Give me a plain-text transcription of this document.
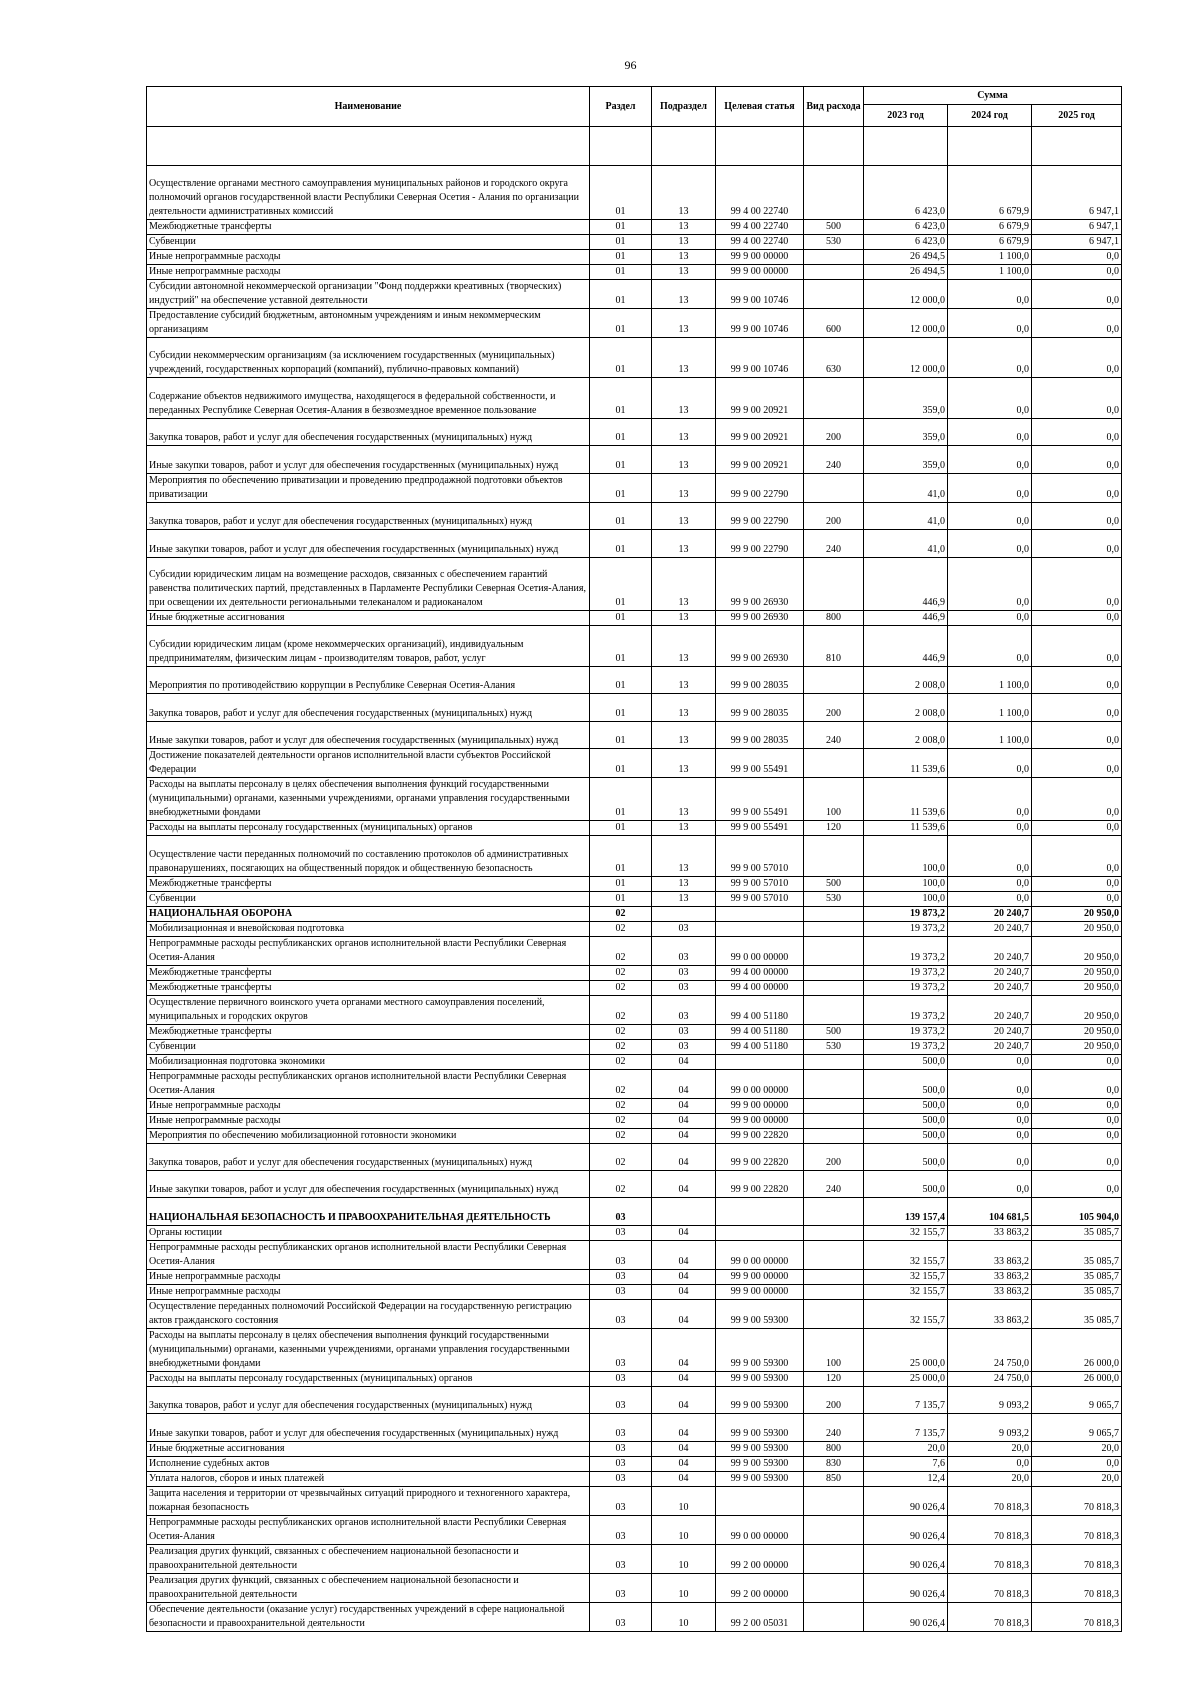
96
Наименование	Раздел	Подраздел	Целевая статья	Вид расхода	Сумма		
					2023 год	2024 год	2025 год

Осуществление органами местного самоуправления муниципальных районов и городского округа полномочий органов государственной власти Республики Северная Осетия - Алания по организации деятельности административных комиссий	01	13	99 4 00 22740		6 423,0	6 679,9	6 947,1
Межбюджетные трансферты	01	13	99 4 00 22740	500	6 423,0	6 679,9	6 947,1
Субвенции	01	13	99 4 00 22740	530	6 423,0	6 679,9	6 947,1
Иные непрограммные расходы	01	13	99 9 00 00000		26 494,5	1 100,0	0,0
Иные непрограммные расходы	01	13	99 9 00 00000		26 494,5	1 100,0	0,0
Субсидии автономной некоммерческой организации "Фонд поддержки креативных (творческих) индустрий" на обеспечение уставной деятельности	01	13	99 9 00 10746		12 000,0	0,0	0,0
Предоставление субсидий бюджетным, автономным учреждениям и иным некоммерческим организациям	01	13	99 9 00 10746	600	12 000,0	0,0	0,0
Субсидии некоммерческим организациям (за исключением государственных (муниципальных) учреждений, государственных корпораций (компаний), публично-правовых компаний)	01	13	99 9 00 10746	630	12 000,0	0,0	0,0
Содержание объектов недвижимого имущества, находящегося в федеральной собственности, и переданных Республике Северная Осетия-Алания в безвозмездное временное пользование	01	13	99 9 00 20921		359,0	0,0	0,0
Закупка товаров, работ и услуг для обеспечения государственных (муниципальных) нужд	01	13	99 9 00 20921	200	359,0	0,0	0,0
Иные закупки товаров, работ и услуг для обеспечения государственных (муниципальных) нужд	01	13	99 9 00 20921	240	359,0	0,0	0,0
Мероприятия по обеспечению приватизации и проведению предпродажной подготовки объектов приватизации	01	13	99 9 00 22790		41,0	0,0	0,0
Закупка товаров, работ и услуг для обеспечения государственных (муниципальных) нужд	01	13	99 9 00 22790	200	41,0	0,0	0,0
Иные закупки товаров, работ и услуг для обеспечения государственных (муниципальных) нужд	01	13	99 9 00 22790	240	41,0	0,0	0,0
Субсидии юридическим лицам на возмещение расходов, связанных с обеспечением гарантий равенства политических партий, представленных в Парламенте Республики Северная Осетия-Алания, при освещении их деятельности региональными телеканалом и радиоканалом	01	13	99 9 00 26930		446,9	0,0	0,0
Иные бюджетные ассигнования	01	13	99 9 00 26930	800	446,9	0,0	0,0
Субсидии юридическим лицам (кроме некоммерческих организаций), индивидуальным предпринимателям, физическим лицам - производителям товаров, работ, услуг	01	13	99 9 00 26930	810	446,9	0,0	0,0
Мероприятия по противодействию коррупции в Республике Северная Осетия-Алания	01	13	99 9 00 28035		2 008,0	1 100,0	0,0
Закупка товаров, работ и услуг для обеспечения государственных (муниципальных) нужд	01	13	99 9 00 28035	200	2 008,0	1 100,0	0,0
Иные закупки товаров, работ и услуг для обеспечения государственных (муниципальных) нужд	01	13	99 9 00 28035	240	2 008,0	1 100,0	0,0
Достижение показателей деятельности органов исполнительной власти субъектов Российской Федерации	01	13	99 9 00 55491		11 539,6	0,0	0,0
Расходы на выплаты персоналу в целях обеспечения выполнения функций государственными (муниципальными) органами, казенными учреждениями, органами управления государственными внебюджетными фондами	01	13	99 9 00 55491	100	11 539,6	0,0	0,0
Расходы на выплаты персоналу государственных (муниципальных) органов	01	13	99 9 00 55491	120	11 539,6	0,0	0,0
Осуществление части переданных полномочий по составлению протоколов об административных правонарушениях, посягающих на общественный порядок и общественную безопасность	01	13	99 9 00 57010		100,0	0,0	0,0
Межбюджетные трансферты	01	13	99 9 00 57010	500	100,0	0,0	0,0
Субвенции	01	13	99 9 00 57010	530	100,0	0,0	0,0
НАЦИОНАЛЬНАЯ ОБОРОНА	02				19 873,2	20 240,7	20 950,0
Мобилизационная и вневойсковая подготовка	02	03			19 373,2	20 240,7	20 950,0
Непрограммные расходы республиканских органов исполнительной власти Республики Северная Осетия-Алания	02	03	99 0 00 00000		19 373,2	20 240,7	20 950,0
Межбюджетные трансферты	02	03	99 4 00 00000		19 373,2	20 240,7	20 950,0
Межбюджетные трансферты	02	03	99 4 00 00000		19 373,2	20 240,7	20 950,0
Осуществление первичного воинского учета органами местного самоуправления поселений, муниципальных и городских округов	02	03	99 4 00 51180		19 373,2	20 240,7	20 950,0
Межбюджетные трансферты	02	03	99 4 00 51180	500	19 373,2	20 240,7	20 950,0
Субвенции	02	03	99 4 00 51180	530	19 373,2	20 240,7	20 950,0
Мобилизационная подготовка экономики	02	04			500,0	0,0	0,0
Непрограммные расходы республиканских органов исполнительной власти Республики Северная Осетия-Алания	02	04	99 0 00 00000		500,0	0,0	0,0
Иные непрограммные расходы	02	04	99 9 00 00000		500,0	0,0	0,0
Иные непрограммные расходы	02	04	99 9 00 00000		500,0	0,0	0,0
Мероприятия по обеспечению мобилизационной готовности экономики	02	04	99 9 00 22820		500,0	0,0	0,0
Закупка товаров, работ и услуг для обеспечения государственных (муниципальных) нужд	02	04	99 9 00 22820	200	500,0	0,0	0,0
Иные закупки товаров, работ и услуг для обеспечения государственных (муниципальных) нужд	02	04	99 9 00 22820	240	500,0	0,0	0,0
НАЦИОНАЛЬНАЯ БЕЗОПАСНОСТЬ И ПРАВООХРАНИТЕЛЬНАЯ ДЕЯТЕЛЬНОСТЬ	03				139 157,4	104 681,5	105 904,0
Органы юстиции	03	04			32 155,7	33 863,2	35 085,7
Непрограммные расходы республиканских органов исполнительной власти Республики Северная Осетия-Алания	03	04	99 0 00 00000		32 155,7	33 863,2	35 085,7
Иные непрограммные расходы	03	04	99 9 00 00000		32 155,7	33 863,2	35 085,7
Иные непрограммные расходы	03	04	99 9 00 00000		32 155,7	33 863,2	35 085,7
Осуществление переданных полномочий Российской Федерации на государственную регистрацию актов гражданского состояния	03	04	99 9 00 59300		32 155,7	33 863,2	35 085,7
Расходы на выплаты персоналу в целях обеспечения выполнения функций государственными (муниципальными) органами, казенными учреждениями, органами управления государственными внебюджетными фондами	03	04	99 9 00 59300	100	25 000,0	24 750,0	26 000,0
Расходы на выплаты персоналу государственных (муниципальных) органов	03	04	99 9 00 59300	120	25 000,0	24 750,0	26 000,0
Закупка товаров, работ и услуг для обеспечения государственных (муниципальных) нужд	03	04	99 9 00 59300	200	7 135,7	9 093,2	9 065,7
Иные закупки товаров, работ и услуг для обеспечения государственных (муниципальных) нужд	03	04	99 9 00 59300	240	7 135,7	9 093,2	9 065,7
Иные бюджетные ассигнования	03	04	99 9 00 59300	800	20,0	20,0	20,0
Исполнение судебных актов	03	04	99 9 00 59300	830	7,6	0,0	0,0
Уплата налогов, сборов и иных платежей	03	04	99 9 00 59300	850	12,4	20,0	20,0
Защита населения и территории от чрезвычайных ситуаций природного и техногенного характера, пожарная безопасность	03	10			90 026,4	70 818,3	70 818,3
Непрограммные расходы республиканских органов исполнительной власти Республики Северная Осетия-Алания	03	10	99 0 00 00000		90 026,4	70 818,3	70 818,3
Реализация других функций, связанных с обеспечением национальной безопасности и правоохранительной деятельности	03	10	99 2 00 00000		90 026,4	70 818,3	70 818,3
Реализация других функций, связанных с обеспечением национальной безопасности и правоохранительной деятельности	03	10	99 2 00 00000		90 026,4	70 818,3	70 818,3
Обеспечение деятельности (оказание услуг) государственных учреждений в сфере национальной безопасности и правоохранительной деятельности	03	10	99 2 00 05031		90 026,4	70 818,3	70 818,3
